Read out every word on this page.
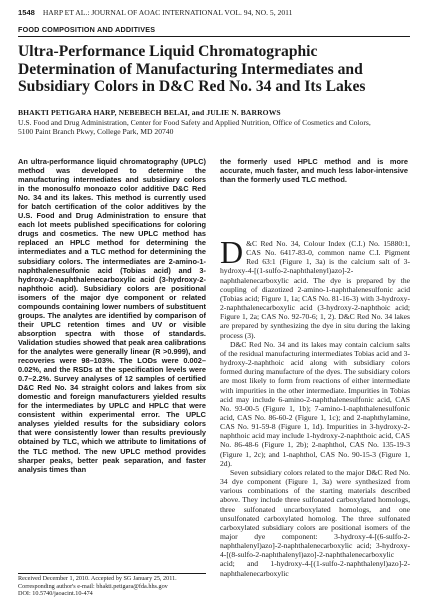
1548 HARP ET AL.: JOURNAL OF AOAC INTERNATIONAL VOL. 94, NO. 5, 2011
FOOD COMPOSITION AND ADDITIVES
Ultra-Performance Liquid Chromatographic Determination of Manufacturing Intermediates and Subsidiary Colors in D&C Red No. 34 and Its Lakes
BHAKTI PETIGARA HARP, NEBEBECH BELAI, and JULIE N. BARROWS
U.S. Food and Drug Administration, Center for Food Safety and Applied Nutrition, Office of Cosmetics and Colors,
5100 Paint Branch Pkwy, College Park, MD 20740

An ultra-performance liquid chromatography (UPLC) method was developed to determine the manufacturing intermediates and subsidiary colors in the monosulfo monoazo color additive D&C Red No. 34 and its lakes. This method is currently used for batch certification of the color additives by the U.S. Food and Drug Administration to ensure that each lot meets published specifications for coloring drugs and cosmetics. The new UPLC method has replaced an HPLC method for determining the intermediates and a TLC method for determining the subsidiary colors. The intermediates are 2-amino-1-naphthalenesulfonic acid (Tobias acid) and 3-hydroxy-2-naphthalenecarboxylic acid (3-hydroxy-2-naphthoic acid). Subsidiary colors are positional isomers of the major dye component or related compounds containing lower numbers of substituent groups. The analytes are identified by comparison of their UPLC retention times and UV or visible absorption spectra with those of standards. Validation studies showed that peak area calibrations for the analytes were generally linear (R >0.999), and recoveries were 98–103%. The LODs were 0.002–0.02%, and the RSDs at the specification levels were 0.7–2.2%. Survey analyses of 12 samples of certified D&C Red No. 34 straight colors and lakes from six domestic and foreign manufacturers yielded results for the intermediates by UPLC and HPLC that were consistent within experimental error. The UPLC analyses yielded results for the subsidiary colors that were consistently lower than results previously obtained by TLC, which we attribute to limitations of the TLC method. The new UPLC method provides sharper peaks, better peak separation, and faster analysis times than

the formerly used HPLC method and is more accurate, much faster, and much less labor-intensive than the formerly used TLC method.

Received December 1, 2010. Accepted by SG January 25, 2011.
Corresponding author's e-mail: bhakti.petigara@fda.hhs.gov
DOI: 10.5740/jaoacint.10-474

D &C Red No. 34, Colour Index (C.I.) No. 15880:1, CAS No. 6417-83-0, common name C.I. Pigment Red 63:1 (Figure 1, 3a) is the calcium salt of 3-hydroxy-4-[(1-sulfo-2-naphthalenyl)azo]-2-naphthalenecarboxylic acid. The dye is prepared by the coupling of diazotized 2-amino-1-naphthalenesulfonic acid (Tobias acid; Figure 1, 1a; CAS No. 81-16-3) with 3-hydroxy-2-naphthalenecarboxylic acid (3-hydroxy-2-naphthoic acid; Figure 1, 2a; CAS No. 92-70-6; 1, 2). D&C Red No. 34 lakes are prepared by synthesizing the dye in situ during the laking process (3).

D&C Red No. 34 and its lakes may contain calcium salts of the residual manufacturing intermediates Tobias acid and 3-hydroxy-2-naphthoic acid along with subsidiary colors formed during manufacture of the dyes. The subsidiary colors are most likely to form from reactions of either intermediate with impurities in the other intermediate. Impurities in Tobias acid may include 6-amino-2-naphthalenesulfonic acid, CAS No. 93-00-5 (Figure 1, 1b); 7-amino-1-naphthalenesulfonic acid, CAS No. 86-60-2 (Figure 1, 1c); and 2-naphthylamine, CAS No. 91-59-8 (Figure 1, 1d). Impurities in 3-hydroxy-2-naphthoic acid may include 1-hydroxy-2-naphthoic acid, CAS No. 86-48-6 (Figure 1, 2b); 2-naphthol, CAS No. 135-19-3 (Figure 1, 2c); and 1-naphthol, CAS No. 90-15-3 (Figure 1, 2d).

Seven subsidiary colors related to the major D&C Red No. 34 dye component (Figure 1, 3a) were synthesized from various combinations of the starting materials described above. They include three sulfonated carboxylated homologs, three sulfonated uncarboxylated homologs, and one unsulfonated carboxylated homolog. The three sulfonated carboxylated subsidiary colors are positional isomers of the major dye component: 3-hydroxy-4-[(6-sulfo-2-naphthalenyl)azo]-2-naphthalenecarboxylic acid; 3-hydroxy-4-[(8-sulfo-2-naphthalenyl)azo]-2-naphthalenecarboxylic acid; and 1-hydroxy-4-[(1-sulfo-2-naphthalenyl)azo]-2-naphthalenecarboxylic
